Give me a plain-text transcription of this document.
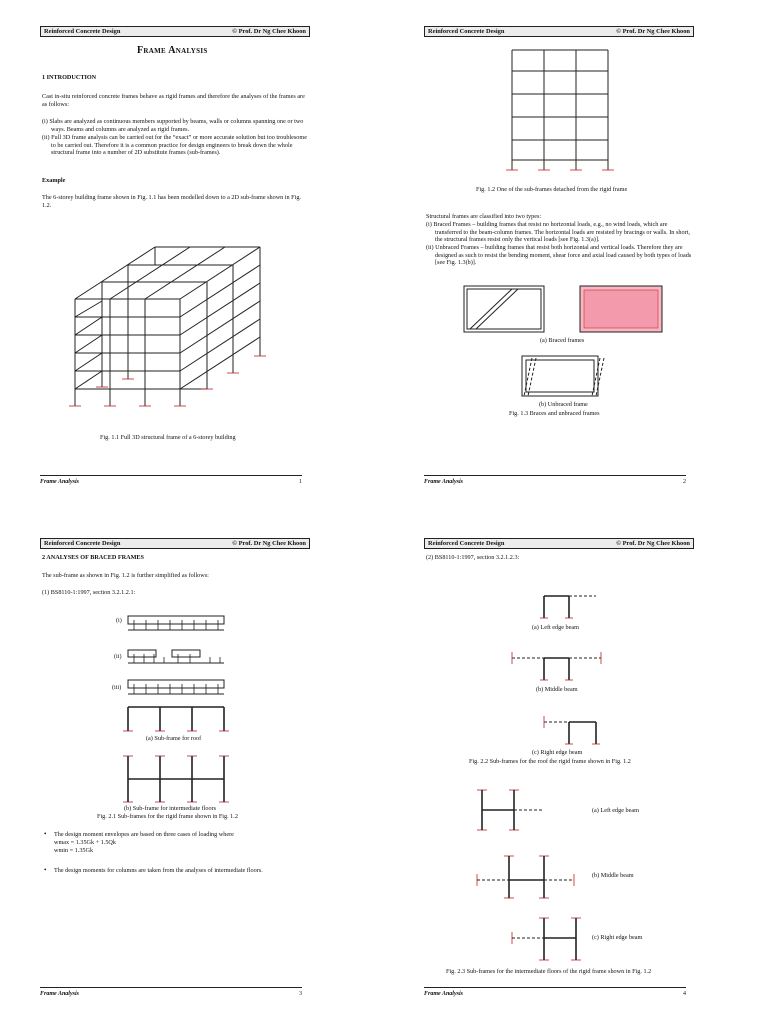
Reinforced Concrete Design	© Prof. Dr Ng Chee Khoon
Frame Analysis
1 INTRODUCTION
Cast in-situ reinforced concrete frames behave as rigid frames and therefore the analyses of the frames are as follows:
(i) Slabs are analyzed as continuous members supported by beams, walls or columns spanning one or two ways. Beams and columns are analyzed as rigid frames.
(ii) Full 3D frame analysis can be carried out for the “exact” or more accurate solution but too troublesome to be carried out. Therefore it is a common practice for design engineers to break down the whole structural frame into a number of 2D substitute frames (sub-frames).
Example
The 6-storey building frame shown in Fig. 1.1 has been modelled down to a 2D sub-frame shown in Fig. 1.2.
Fig. 1.1 Full 3D structural frame of a 6-storey building
Frame Analysis	1
Reinforced Concrete Design	© Prof. Dr Ng Chee Khoon
Fig. 1.2 One of the sub-frames detached from the rigid frame
Structural frames are classified into two types:
(i) Braced Frames – building frames that resist no horizontal loads, e.g., no wind loads, which are transferred to the beam-column frames. The horizontal loads are resisted by bracings or walls. In short, the structural frames resist only the vertical loads [see Fig. 1.3(a)].
(ii) Unbraced Frames – building frames that resist both horizontal and vertical loads. Therefore they are designed as such to resist the bending moment, shear force and axial load caused by both types of loads [see Fig. 1.3(b)].
(a) Braced frames
(b) Unbraced frame
Fig. 1.3 Braces and unbraced frames
Frame Analysis	2
Reinforced Concrete Design	© Prof. Dr Ng Chee Khoon
2 ANALYSES OF BRACED FRAMES
The sub-frame as shown in Fig. 1.2 is further simplified as follows:
(1) BS8110-1:1997, section 3.2.1.2.1:
(i)
(ii)
(iii)
(a) Sub-frame for roof
(b) Sub-frame for intermediate floors
Fig. 2.1 Sub-frames for the rigid frame shown in Fig. 1.2
• The design moment envelopes are based on three cases of loading where
wmax = 1.35Gk + 1.5Qk
wmin = 1.35Gk
• The design moments for columns are taken from the analyses of intermediate floors.
Frame Analysis	3
Reinforced Concrete Design	© Prof. Dr Ng Chee Khoon
(2) BS8110-1:1997, section 3.2.1.2.3:
(a) Left edge beam
(b) Middle beam
(c) Right edge beam
Fig. 2.2 Sub-frames for the roof the rigid frame shown in Fig. 1.2
(a) Left edge beam
(b) Middle beam
(c) Right edge beam
Fig. 2.3 Sub-frames for the intermediate floors of the rigid frame shown in Fig. 1.2
Frame Analysis	4
